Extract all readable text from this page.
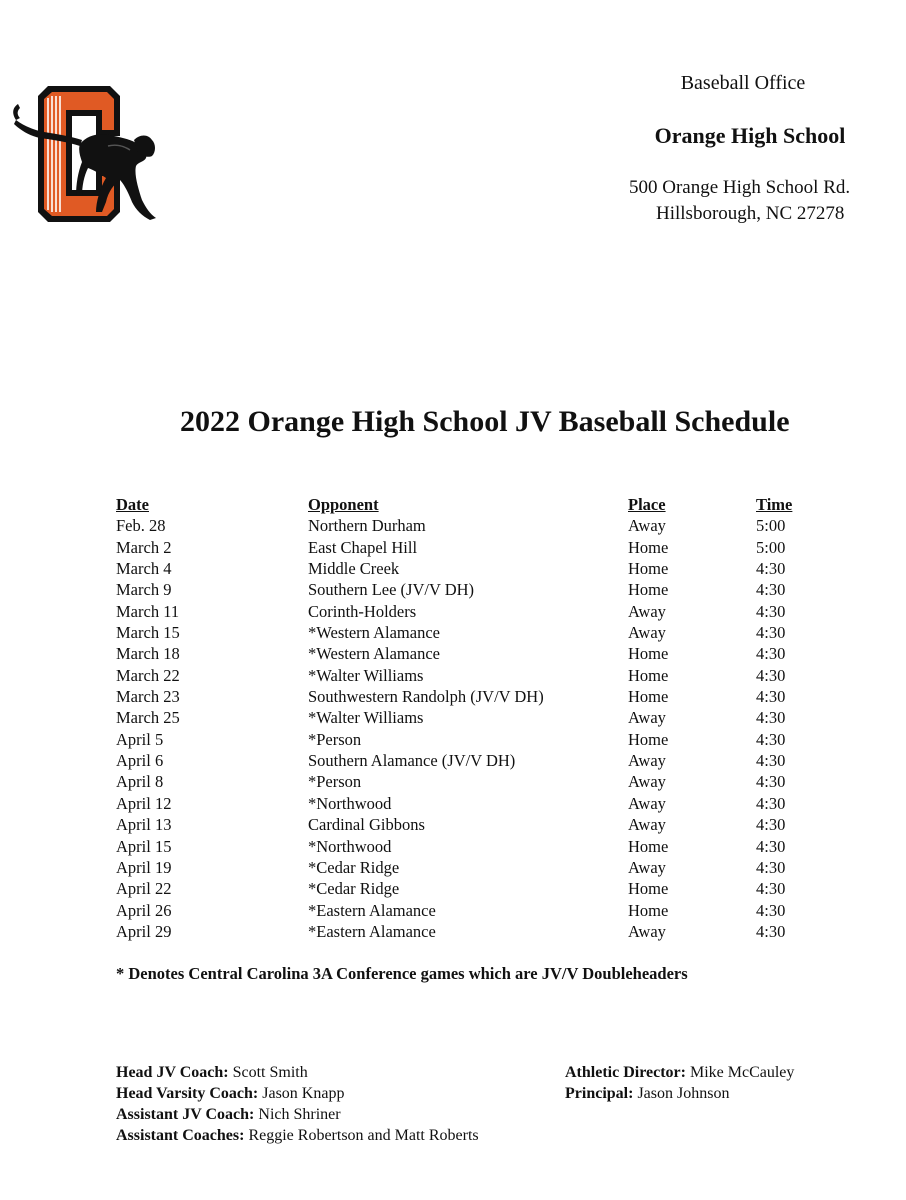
Baseball Office
Orange High School
500 Orange High School Rd.
Hillsborough, NC 27278
2022 Orange High School JV Baseball Schedule
Date	Opponent	Place	Time
Feb. 28	Northern Durham	Away	5:00
March 2	East Chapel Hill	Home	5:00
March 4	Middle Creek	Home	4:30
March 9	Southern Lee (JV/V DH)	Home	4:30
March 11	Corinth-Holders	Away	4:30
March 15	*Western Alamance	Away	4:30
March 18	*Western Alamance	Home	4:30
March 22	*Walter Williams	Home	4:30
March 23	Southwestern Randolph (JV/V DH)	Home	4:30
March 25	*Walter Williams	Away	4:30
April 5	*Person	Home	4:30
April 6	Southern Alamance (JV/V DH)	Away	4:30
April 8	*Person	Away	4:30
April 12	*Northwood	Away	4:30
April 13	Cardinal Gibbons	Away	4:30
April 15	*Northwood	Home	4:30
April 19	*Cedar Ridge	Away	4:30
April 22	*Cedar Ridge	Home	4:30
April 26	*Eastern Alamance	Home	4:30
April 29	*Eastern Alamance	Away	4:30
* Denotes Central Carolina 3A Conference games which are JV/V Doubleheaders
Head JV Coach: Scott Smith
Head Varsity Coach: Jason Knapp
Assistant JV Coach: Nich Shriner
Assistant Coaches: Reggie Robertson and Matt Roberts
Athletic Director: Mike McCauley
Principal: Jason Johnson
